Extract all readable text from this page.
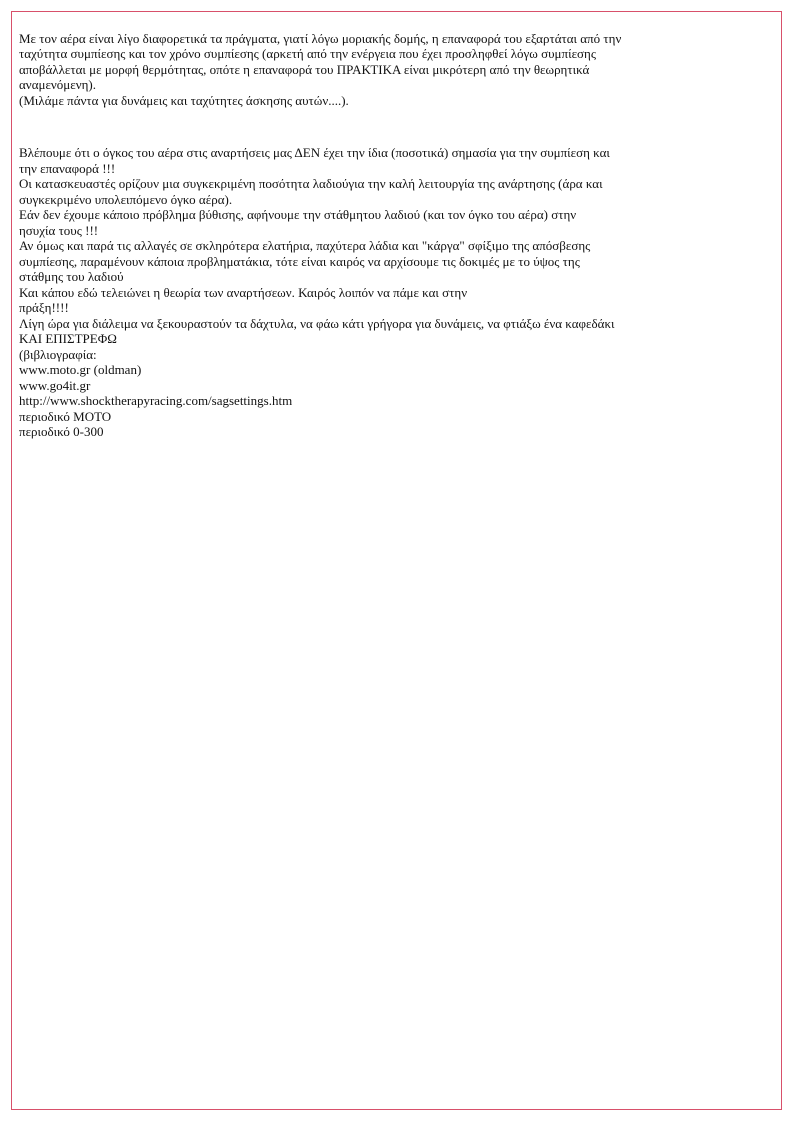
Με τον αέρα είναι λίγο διαφορετικά τα πράγματα, γιατί λόγω μοριακής δομής, η επαναφορά του εξαρτάται από την
ταχύτητα συμπίεσης και τον χρόνο συμπίεσης (αρκετή από την ενέργεια που έχει προσληφθεί λόγω συμπίεσης
αποβάλλεται με μορφή θερμότητας, οπότε η επαναφορά του ΠΡΑΚΤΙΚΑ είναι μικρότερη από την θεωρητικά
αναμενόμενη).
(Μιλάμε πάντα για δυνάμεις και ταχύτητες άσκησης αυτών....).

Βλέπουμε ότι ο όγκος του αέρα στις αναρτήσεις μας ΔΕΝ έχει την ίδια (ποσοτικά) σημασία για την συμπίεση και
την επαναφορά !!!
Οι κατασκευαστές ορίζουν μια συγκεκριμένη ποσότητα λαδιούγια την καλή λειτουργία της ανάρτησης (άρα και
συγκεκριμένο υπολειπόμενο όγκο αέρα).
Εάν δεν έχουμε κάποιο πρόβλημα βύθισης, αφήνουμε την στάθμητου λαδιού (και τον όγκο του αέρα) στην
ησυχία τους !!!
Αν όμως και παρά τις αλλαγές σε σκληρότερα ελατήρια, παχύτερα λάδια και "κάργα" σφίξιμο της απόσβεσης
συμπίεσης, παραμένουν κάποια προβληματάκια, τότε είναι καιρός να αρχίσουμε τις δοκιμές με το ύψος της
στάθμης του λαδιού
Και κάπου εδώ τελειώνει η θεωρία των αναρτήσεων. Καιρός λοιπόν να πάμε και στην
πράξη!!!!
Λίγη ώρα για διάλειμα να ξεκουραστούν τα δάχτυλα, να φάω κάτι γρήγορα για δυνάμεις, να φτιάξω ένα καφεδάκι
ΚΑΙ ΕΠΙΣΤΡΕΦΩ
(βιβλιογραφία:
www.moto.gr (oldman)
www.go4it.gr
http://www.shocktherapyracing.com/sagsettings.htm
περιοδικό ΜΟΤΟ
περιοδικό 0-300
